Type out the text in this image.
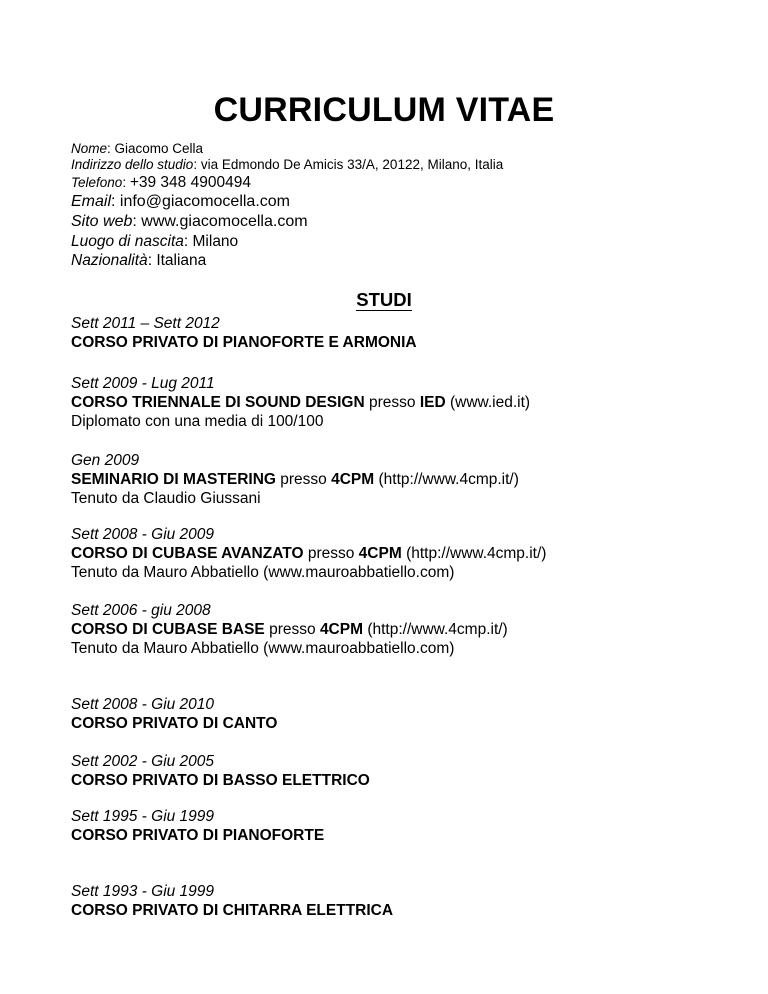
CURRICULUM VITAE
Nome: Giacomo Cella
Indirizzo dello studio: via Edmondo De Amicis 33/A, 20122, Milano, Italia
Telefono: +39 348 4900494
Email: info@giacomocella.com
Sito web: www.giacomocella.com
Luogo di nascita: Milano
Nazionalità: Italiana
STUDI
Sett 2011 – Sett 2012
CORSO PRIVATO DI PIANOFORTE E ARMONIA
Sett 2009 - Lug 2011
CORSO TRIENNALE DI SOUND DESIGN presso IED (www.ied.it)
Diplomato con una media di 100/100
Gen 2009
SEMINARIO DI MASTERING presso 4CPM (http://www.4cmp.it/)
Tenuto da Claudio Giussani
Sett 2008 - Giu 2009
CORSO DI CUBASE AVANZATO presso 4CPM (http://www.4cmp.it/)
Tenuto da Mauro Abbatiello (www.mauroabbatiello.com)
Sett 2006 - giu 2008
CORSO DI CUBASE BASE presso 4CPM (http://www.4cmp.it/)
Tenuto da Mauro Abbatiello (www.mauroabbatiello.com)
Sett 2008 - Giu 2010
CORSO PRIVATO DI CANTO
Sett 2002 - Giu 2005
CORSO PRIVATO DI BASSO ELETTRICO
Sett 1995 - Giu 1999
CORSO PRIVATO DI PIANOFORTE
Sett 1993 - Giu 1999
CORSO PRIVATO DI CHITARRA ELETTRICA
